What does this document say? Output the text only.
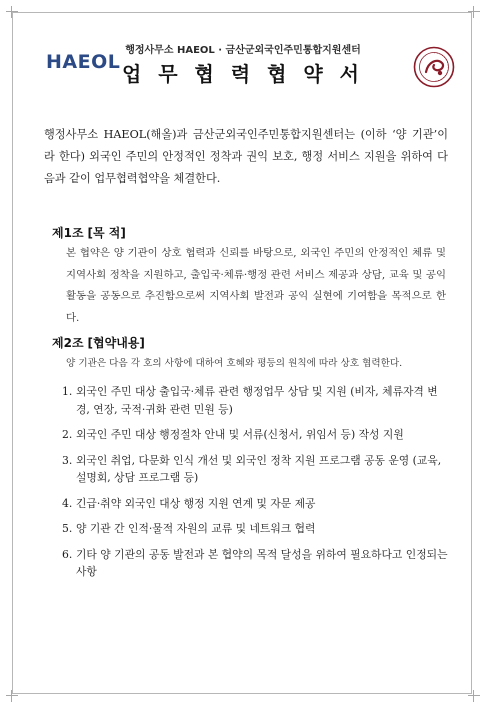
HAEOL
행정사무소 HAEOL · 금산군외국인주민통합지원센터
업 무 협 력 협 약 서
행정사무소 HAEOL(해올)과 금산군외국인주민통합지원센터는 (이하 ‘양 기관’이라 한다) 외국인 주민의 안정적인 정착과 권익 보호, 행정 서비스 지원을 위하여 다음과 같이 업무협력협약을 체결한다.
제1조 [목 적]
본 협약은 양 기관이 상호 협력과 신뢰를 바탕으로, 외국인 주민의 안정적인 체류 및 지역사회 정착을 지원하고, 출입국·체류·행정 관련 서비스 제공과 상담, 교육 및 공익 활동을 공동으로 추진함으로써 지역사회 발전과 공익 실현에 기여함을 목적으로 한다.
제2조 [협약내용]
양 기관은 다음 각 호의 사항에 대하여 호혜와 평등의 원칙에 따라 상호 협력한다.
1. 외국인 주민 대상 출입국·체류 관련 행정업무 상담 및 지원 (비자, 체류자격 변경, 연장, 국적·귀화 관련 민원 등)
2. 외국인 주민 대상 행정절차 안내 및 서류(신청서, 위임서 등) 작성 지원
3. 외국인 취업, 다문화 인식 개선 및 외국인 정착 지원 프로그램 공동 운영 (교육, 설명회, 상담 프로그램 등)
4. 긴급·취약 외국인 대상 행정 지원 연계 및 자문 제공
5. 양 기관 간 인적·물적 자원의 교류 및 네트워크 협력
6. 기타 양 기관의 공동 발전과 본 협약의 목적 달성을 위하여 필요하다고 인정되는 사항
